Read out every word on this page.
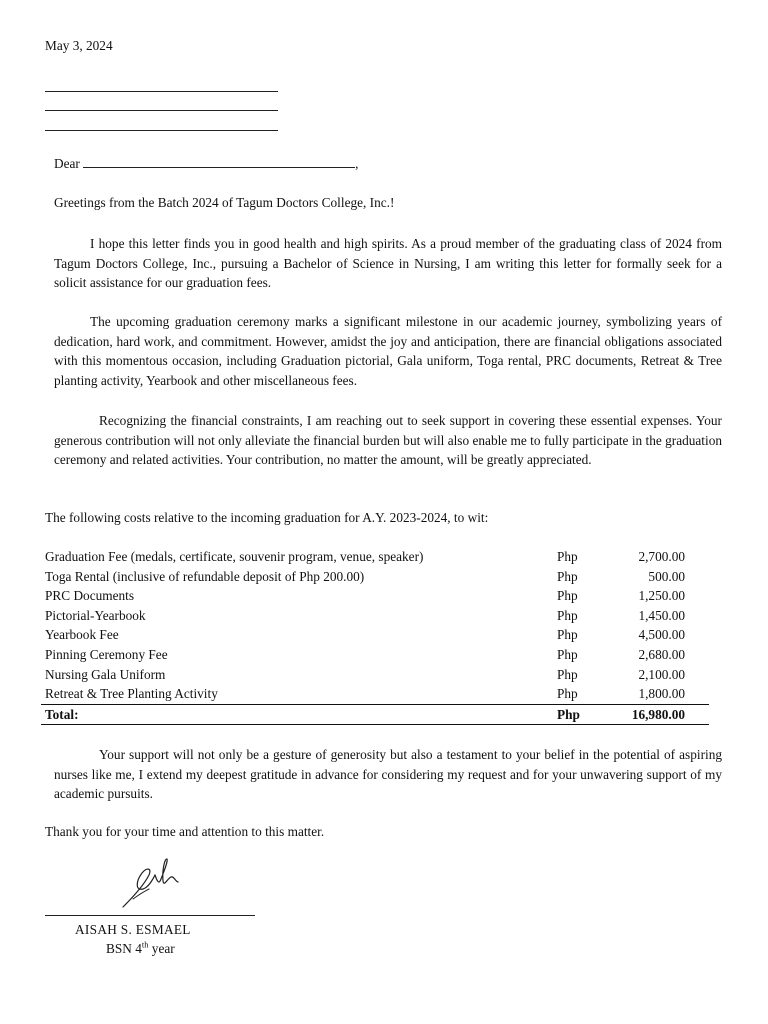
May 3, 2024
Dear	,
Greetings from the Batch 2024 of Tagum Doctors College, Inc.!
I hope this letter finds you in good health and high spirits. As a proud member of the graduating class of 2024 from Tagum Doctors College, Inc., pursuing a Bachelor of Science in Nursing, I am writing this letter for formally seek for a solicit assistance for our graduation fees.
The upcoming graduation ceremony marks a significant milestone in our academic journey, symbolizing years of dedication, hard work, and commitment. However, amidst the joy and anticipation, there are financial obligations associated with this momentous occasion, including Graduation pictorial, Gala uniform, Toga rental, PRC documents, Retreat & Tree planting activity, Yearbook and other miscellaneous fees.
Recognizing the financial constraints, I am reaching out to seek support in covering these essential expenses. Your generous contribution will not only alleviate the financial burden but will also enable me to fully participate in the graduation ceremony and related activities. Your contribution, no matter the amount, will be greatly appreciated.
The following costs relative to the incoming graduation for A.Y. 2023-2024, to wit:
Graduation Fee (medals, certificate, souvenir program, venue, speaker)	Php	2,700.00
Toga Rental (inclusive of refundable deposit of Php 200.00)	Php	500.00
PRC Documents	Php	1,250.00
Pictorial-Yearbook	Php	1,450.00
Yearbook Fee	Php	4,500.00
Pinning Ceremony Fee	Php	2,680.00
Nursing Gala Uniform	Php	2,100.00
Retreat & Tree Planting Activity	Php	1,800.00
Total:	Php	16,980.00
Your support will not only be a gesture of generosity but also a testament to your belief in the potential of aspiring nurses like me, I extend my deepest gratitude in advance for considering my request and for your unwavering support of my academic pursuits.
Thank you for your time and attention to this matter.
AISAH S. ESMAEL
BSN 4th year
